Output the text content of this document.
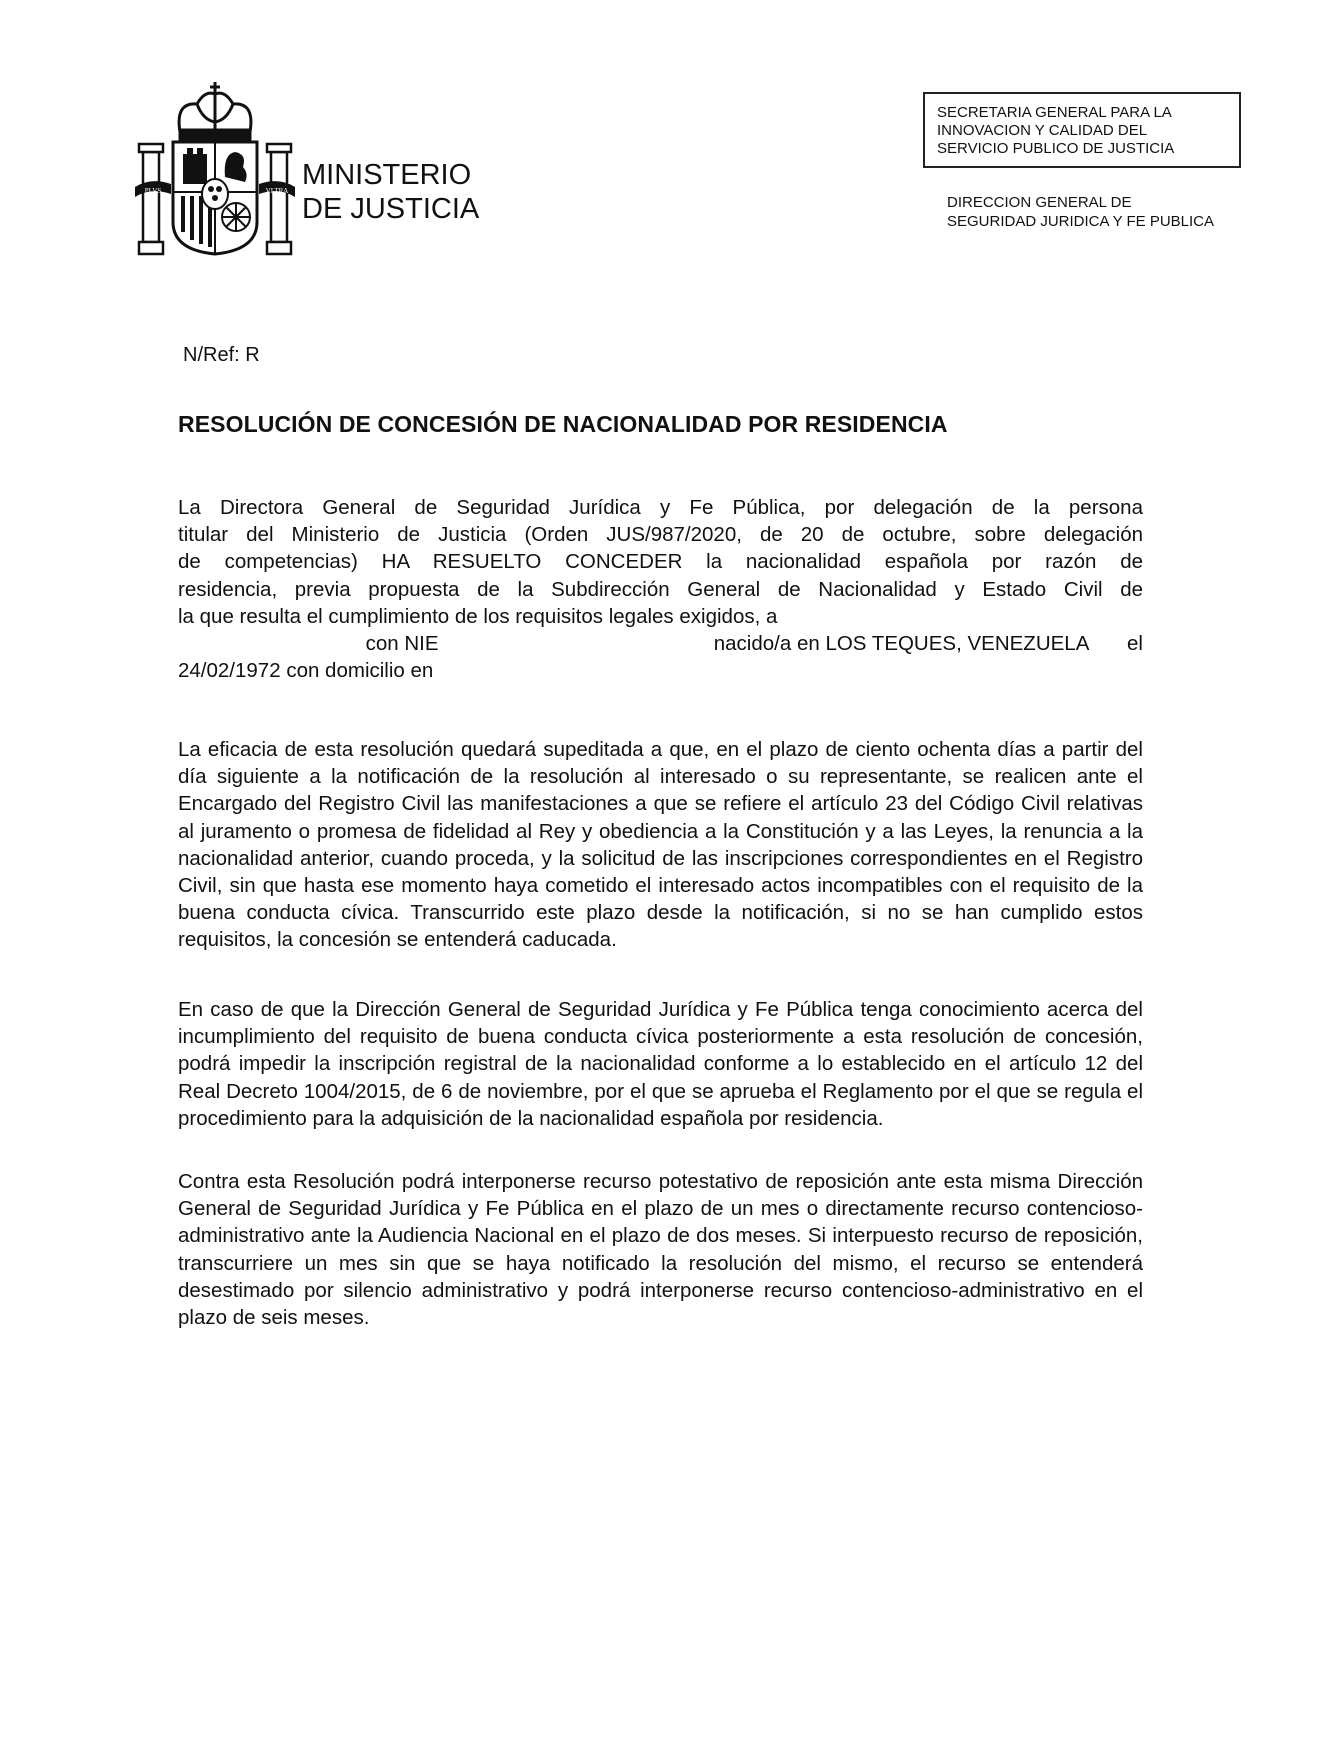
PLVS	VLTRA MINISTERIO
DE JUSTICIA
SECRETARIA GENERAL PARA LA
INNOVACION Y CALIDAD DEL
SERVICIO PUBLICO DE JUSTICIA
DIRECCION GENERAL DE
SEGURIDAD JURIDICA Y FE PUBLICA
N/Ref: R
RESOLUCIÓN DE CONCESIÓN DE NACIONALIDAD POR RESIDENCIA
La Directora General de Seguridad Jurídica y Fe Pública, por delegación de la persona
titular del Ministerio de Justicia (Orden JUS/987/2020, de 20 de octubre, sobre delegación
de competencias) HA RESUELTO CONCEDER la nacionalidad española por razón de
residencia, previa propuesta de la Subdirección General de Nacionalidad y Estado Civil de
la que resulta el cumplimiento de los requisitos legales exigidos, a
con NIE	nacido/a en LOS TEQUES, VENEZUELA el
24/02/1972 con domicilio en
La eficacia de esta resolución quedará supeditada a que, en el plazo de ciento ochenta días a partir del día siguiente a la notificación de la resolución al interesado o su representante, se realicen ante el Encargado del Registro Civil las manifestaciones a que se refiere el artículo 23 del Código Civil relativas al juramento o promesa de fidelidad al Rey y obediencia a la Constitución y a las Leyes, la renuncia a la nacionalidad anterior, cuando proceda, y la solicitud de las inscripciones correspondientes en el Registro Civil, sin que hasta ese momento haya cometido el interesado actos incompatibles con el requisito de la buena conducta cívica. Transcurrido este plazo desde la notificación, si no se han cumplido estos requisitos, la concesión se entenderá caducada.
En caso de que la Dirección General de Seguridad Jurídica y Fe Pública tenga conocimiento acerca del incumplimiento del requisito de buena conducta cívica posteriormente a esta resolución de concesión, podrá impedir la inscripción registral de la nacionalidad conforme a lo establecido en el artículo 12 del Real Decreto 1004/2015, de 6 de noviembre, por el que se aprueba el Reglamento por el que se regula el procedimiento para la adquisición de la nacionalidad española por residencia.
Contra esta Resolución podrá interponerse recurso potestativo de reposición ante esta misma Dirección General de Seguridad Jurídica y Fe Pública en el plazo de un mes o directamente recurso contencioso-administrativo ante la Audiencia Nacional en el plazo de dos meses. Si interpuesto recurso de reposición, transcurriere un mes sin que se haya notificado la resolución del mismo, el recurso se entenderá desestimado por silencio administrativo y podrá interponerse recurso contencioso-administrativo en el plazo de seis meses.
